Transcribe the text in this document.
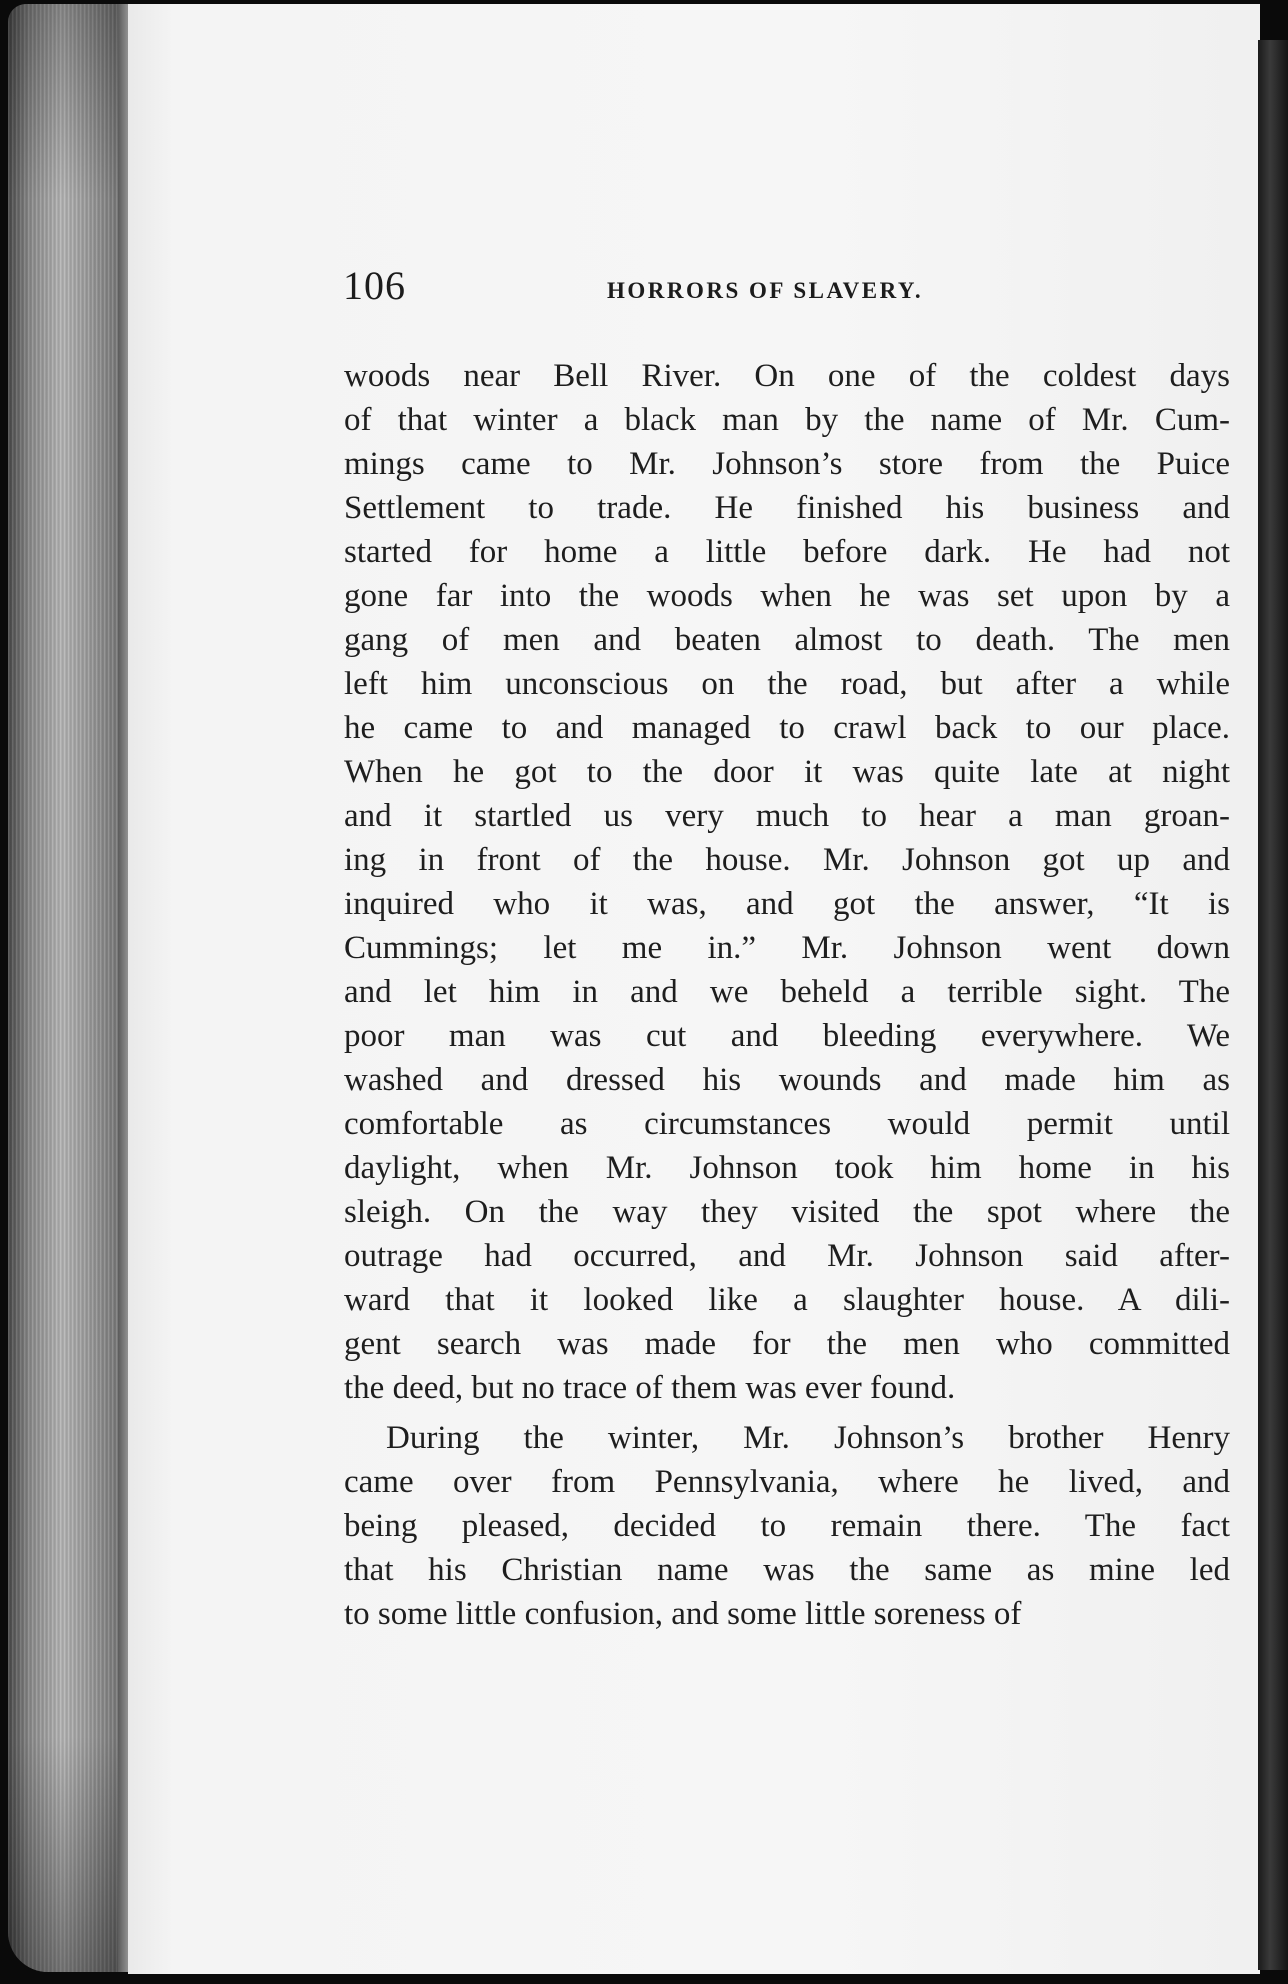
106	HORRORS OF SLAVERY.
woods near Bell River. On one of the coldest days
of that winter a black man by the name of Mr. Cum-
mings came to Mr. Johnson’s store from the Puice
Settlement to trade. He finished his business and
started for home a little before dark. He had not
gone far into the woods when he was set upon by a
gang of men and beaten almost to death. The men
left him unconscious on the road, but after a while
he came to and managed to crawl back to our place.
When he got to the door it was quite late at night
and it startled us very much to hear a man groan-
ing in front of the house. Mr. Johnson got up and
inquired who it was, and got the answer, “It is
Cummings; let me in.” Mr. Johnson went down
and let him in and we beheld a terrible sight. The
poor man was cut and bleeding everywhere. We
washed and dressed his wounds and made him as
comfortable as circumstances would permit until
daylight, when Mr. Johnson took him home in his
sleigh. On the way they visited the spot where the
outrage had occurred, and Mr. Johnson said after-
ward that it looked like a slaughter house. A dili-
gent search was made for the men who committed
the deed, but no trace of them was ever found.
During the winter, Mr. Johnson’s brother Henry
came over from Pennsylvania, where he lived, and
being pleased, decided to remain there. The fact
that his Christian name was the same as mine led
to some little confusion, and some little soreness of
